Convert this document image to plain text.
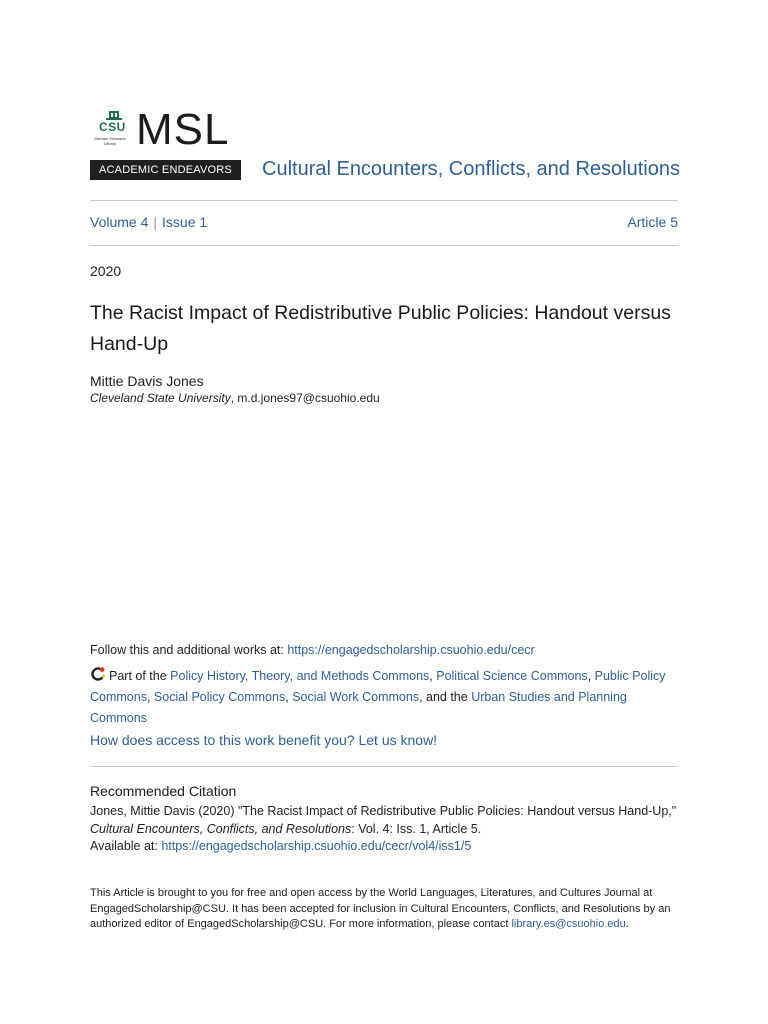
CSU
Michael Schwartz Library MSL
ACADEMIC ENDEAVORS	Cultural Encounters, Conflicts, and Resolutions
Volume 4 | Issue 1	Article 5
2020
The Racist Impact of Redistributive Public Policies: Handout versus Hand-Up
Mittie Davis Jones
Cleveland State University, m.d.jones97@csuohio.edu
Follow this and additional works at: https://engagedscholarship.csuohio.edu/cecr
Part of the Policy History, Theory, and Methods Commons, Political Science Commons, Public Policy Commons, Social Policy Commons, Social Work Commons, and the Urban Studies and Planning Commons
How does access to this work benefit you? Let us know!
Recommended Citation
Jones, Mittie Davis (2020) "The Racist Impact of Redistributive Public Policies: Handout versus Hand-Up,"
Cultural Encounters, Conflicts, and Resolutions: Vol. 4: Iss. 1, Article 5.
Available at: https://engagedscholarship.csuohio.edu/cecr/vol4/iss1/5
This Article is brought to you for free and open access by the World Languages, Literatures, and Cultures Journal at EngagedScholarship@CSU. It has been accepted for inclusion in Cultural Encounters, Conflicts, and Resolutions by an authorized editor of EngagedScholarship@CSU. For more information, please contact library.es@csuohio.edu.
